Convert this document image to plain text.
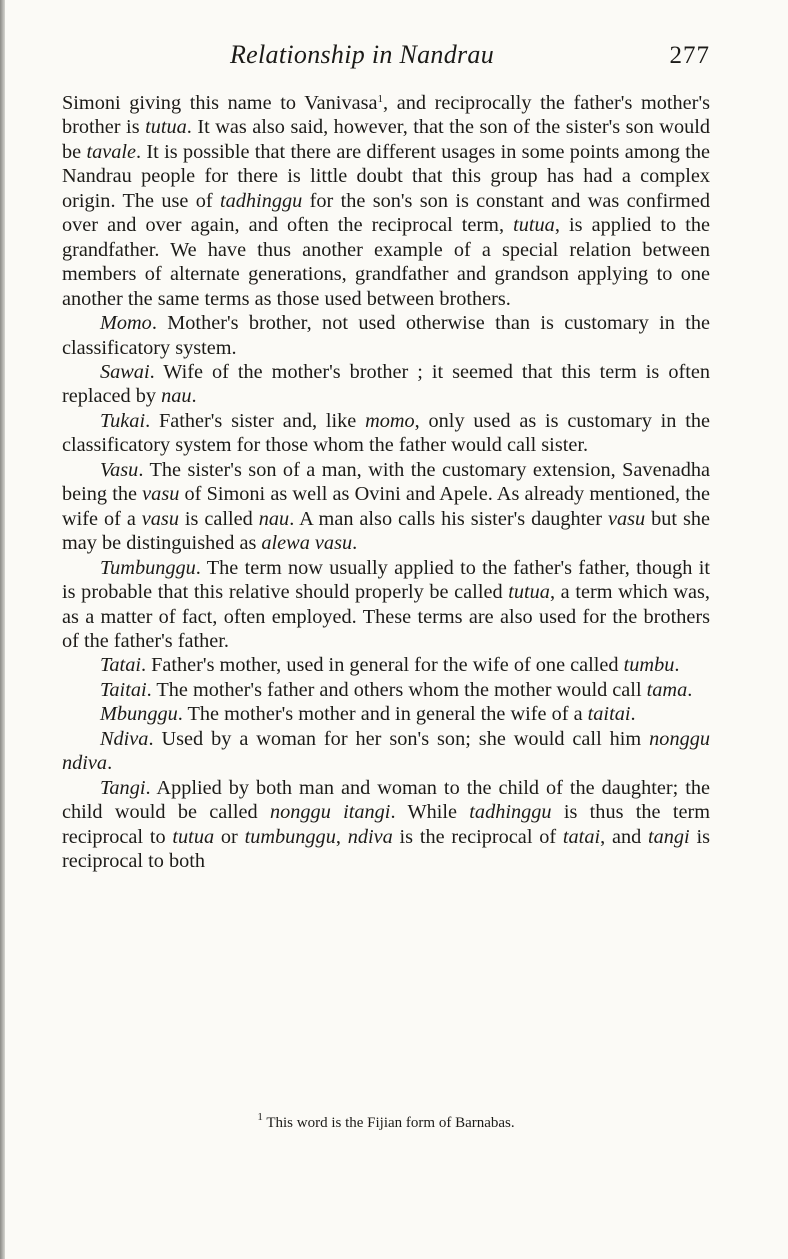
Relationship in Nandrau	277

Simoni giving this name to Vanivasa$^1$, and reciprocally the father's mother's brother is tutua. It was also said, however, that the son of the sister's son would be tavale. It is possible that there are different usages in some points among the Nandrau people for there is little doubt that this group has had a complex origin. The use of tadhinggu for the son's son is constant and was confirmed over and over again, and often the reciprocal term, tutua, is applied to the grandfather. We have thus another example of a special relation between members of alternate generations, grandfather and grandson applying to one another the same terms as those used between brothers.

Momo. Mother's brother, not used otherwise than is customary in the classificatory system.

Sawai. Wife of the mother's brother ; it seemed that this term is often replaced by nau.

Tukai. Father's sister and, like momo, only used as is customary in the classificatory system for those whom the father would call sister.

Vasu. The sister's son of a man, with the customary extension, Savenadha being the vasu of Simoni as well as Ovini and Apele. As already mentioned, the wife of a vasu is called nau. A man also calls his sister's daughter vasu but she may be distinguished as alewa vasu.

Tumbunggu. The term now usually applied to the father's father, though it is probable that this relative should properly be called tutua, a term which was, as a matter of fact, often employed. These terms are also used for the brothers of the father's father.

Tatai. Father's mother, used in general for the wife of one called tumbu.

Taitai. The mother's father and others whom the mother would call tama.

Mbunggu. The mother's mother and in general the wife of a taitai.

Ndiva. Used by a woman for her son's son; she would call him nonggu ndiva.

Tangi. Applied by both man and woman to the child of the daughter; the child would be called nonggu itangi. While tadhinggu is thus the term reciprocal to tutua or tumbunggu, ndiva is the reciprocal of tatai, and tangi is reciprocal to both

$^1$ This word is the Fijian form of Barnabas.
